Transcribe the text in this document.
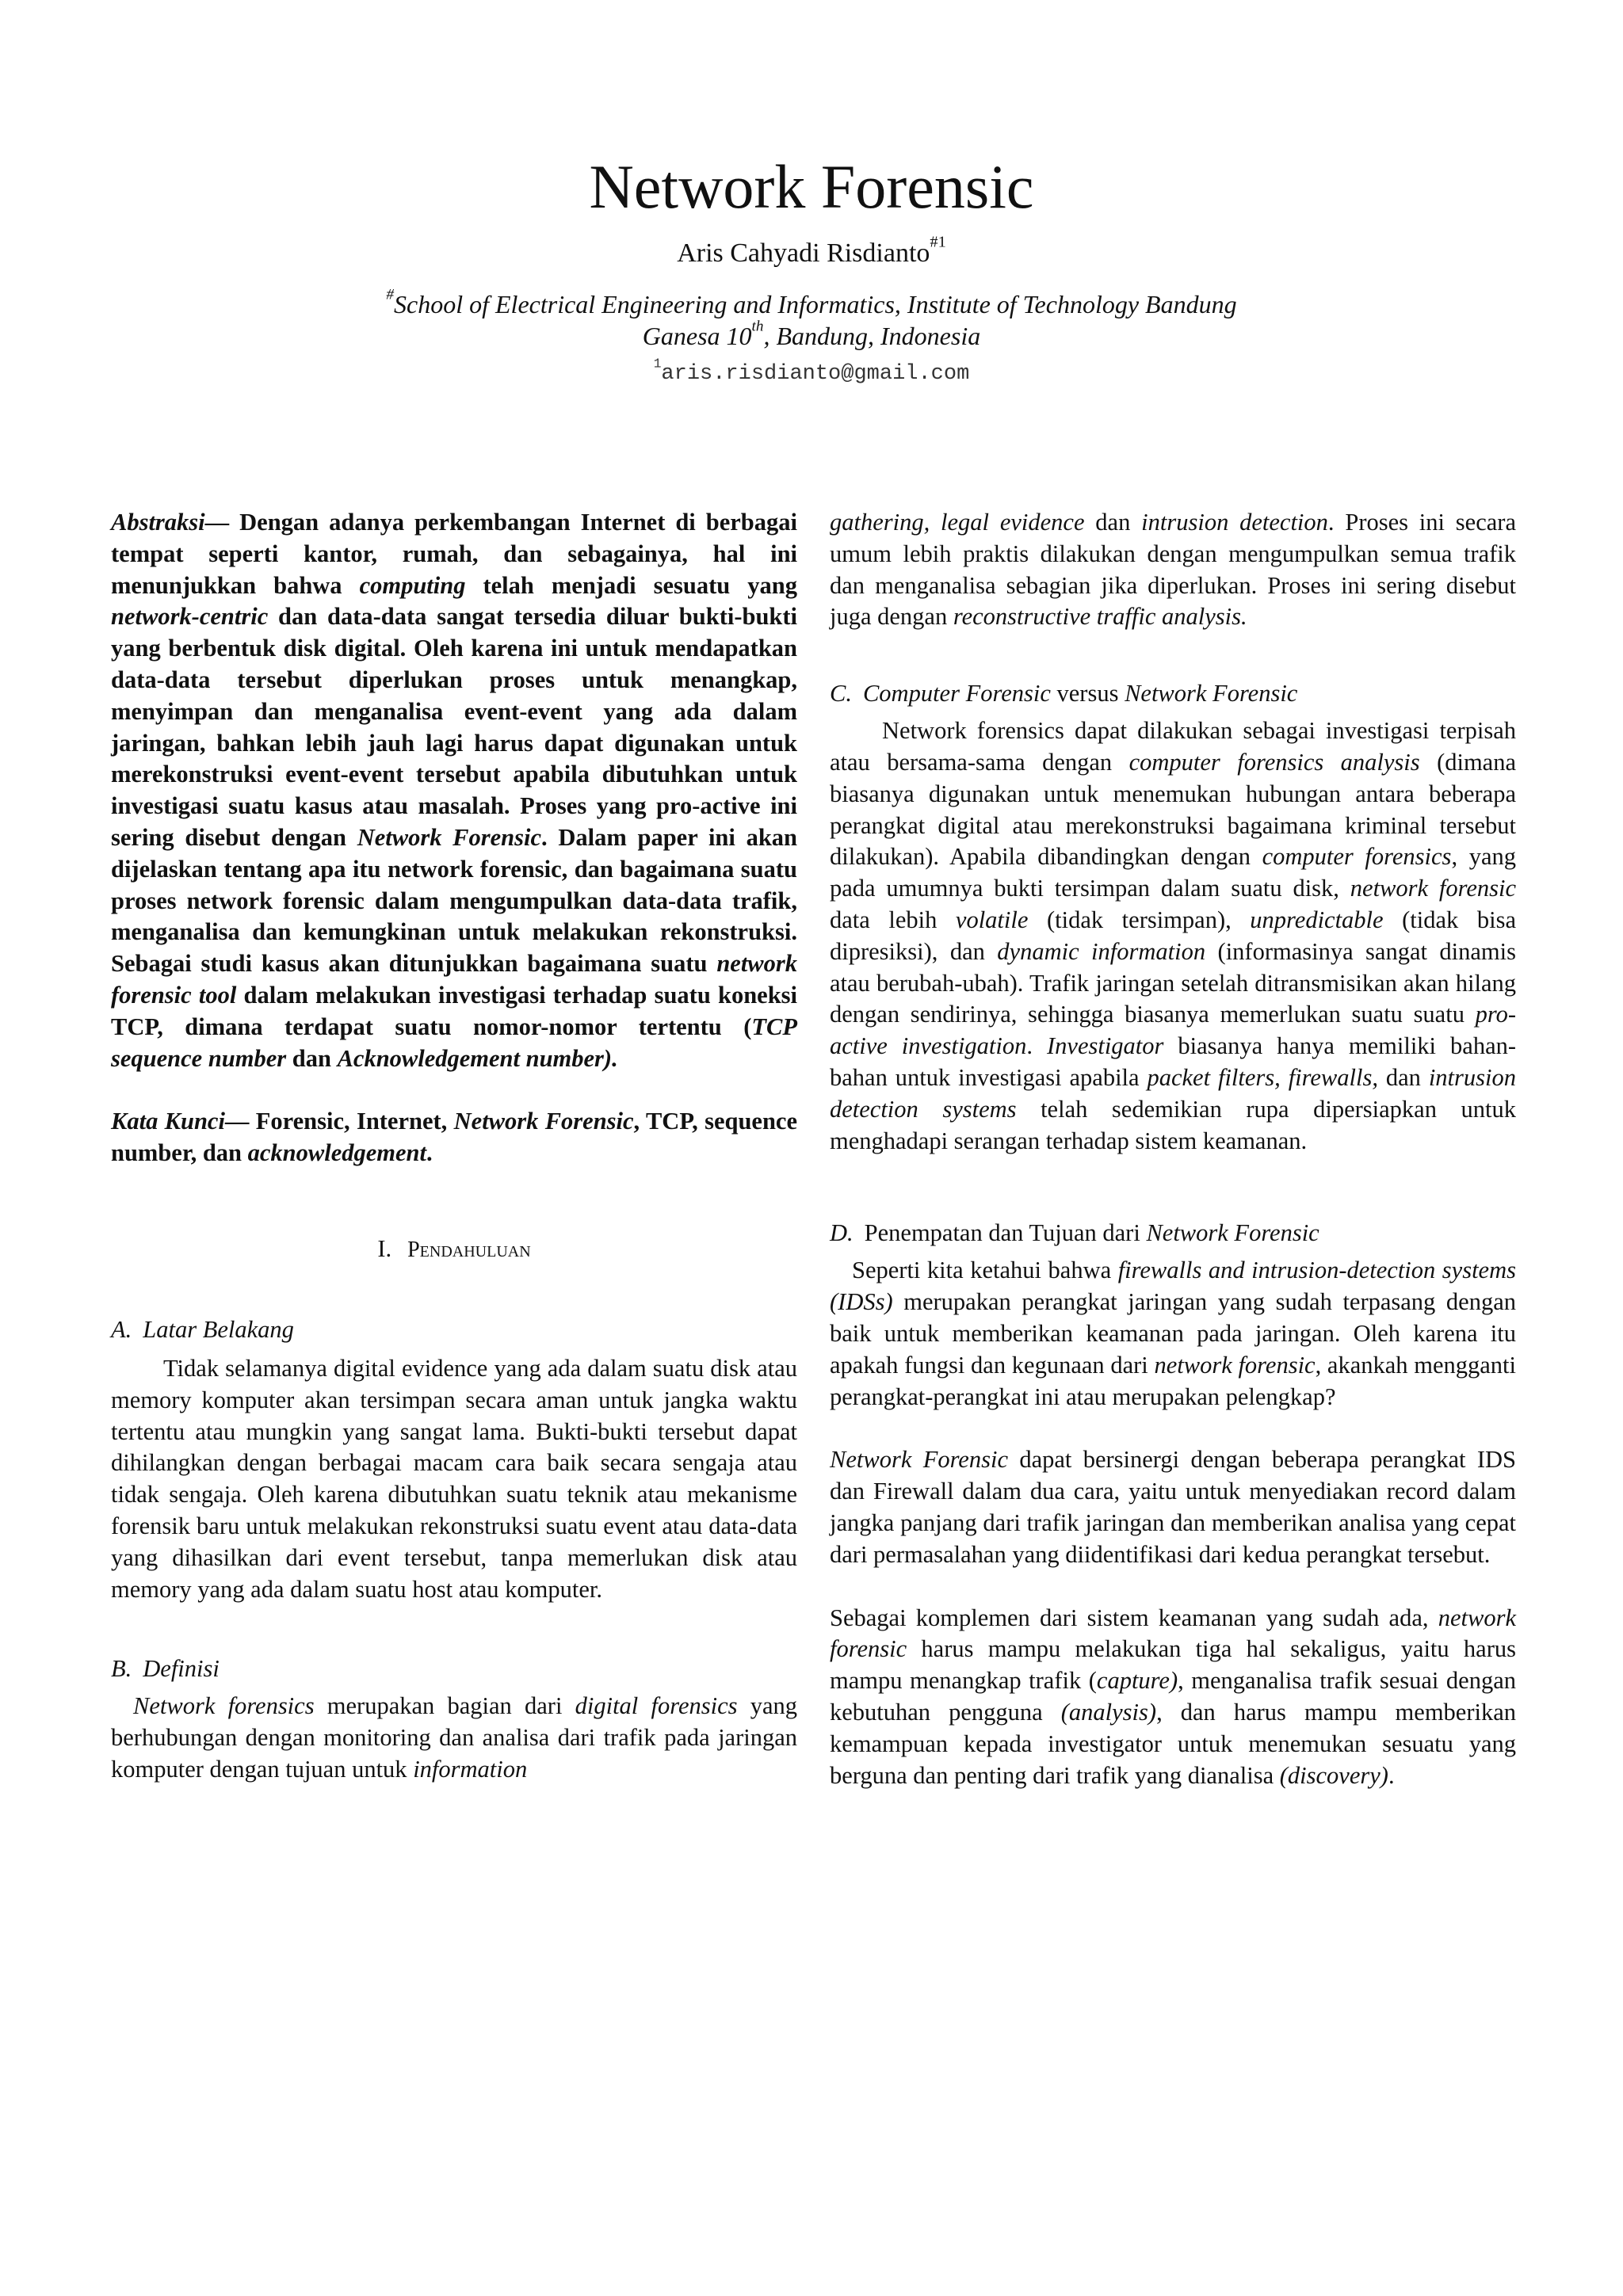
Network Forensic
Aris Cahyadi Risdianto$^{\#1}$
#School of Electrical Engineering and Informatics, Institute of Technology Bandung
Ganesa 10th, Bandung, Indonesia
$^1$aris.risdianto@gmail.com

Abstraksi— Dengan adanya perkembangan Internet di berbagai tempat seperti kantor, rumah, dan sebagainya, hal ini menunjukkan bahwa computing telah menjadi sesuatu yang network-centric dan data-data sangat tersedia diluar bukti-bukti yang berbentuk disk digital. Oleh karena ini untuk mendapatkan data-data tersebut diperlukan proses untuk menangkap, menyimpan dan menganalisa event-event yang ada dalam jaringan, bahkan lebih jauh lagi harus dapat digunakan untuk merekonstruksi event-event tersebut apabila dibutuhkan untuk investigasi suatu kasus atau masalah. Proses yang pro-active ini sering disebut dengan Network Forensic. Dalam paper ini akan dijelaskan tentang apa itu network forensic, dan bagaimana suatu proses network forensic dalam mengumpulkan data-data trafik, menganalisa dan kemungkinan untuk melakukan rekonstruksi. Sebagai studi kasus akan ditunjukkan bagaimana suatu network forensic tool dalam melakukan investigasi terhadap suatu koneksi TCP, dimana terdapat suatu nomor-nomor tertentu (TCP sequence number dan Acknowledgement number).

Kata Kunci— Forensic, Internet, Network Forensic, TCP, sequence number, dan acknowledgement.

I. Pendahuluan
A. Latar Belakang

Tidak selamanya digital evidence yang ada dalam suatu disk atau memory komputer akan tersimpan secara aman untuk jangka waktu tertentu atau mungkin yang sangat lama. Bukti-bukti tersebut dapat dihilangkan dengan berbagai macam cara baik secara sengaja atau tidak sengaja. Oleh karena dibutuhkan suatu teknik atau mekanisme forensik baru untuk melakukan rekonstruksi suatu event atau data-data yang dihasilkan dari event tersebut, tanpa memerlukan disk atau memory yang ada dalam suatu host atau komputer.

B. Definisi

Network forensics merupakan bagian dari digital forensics yang berhubungan dengan monitoring dan analisa dari trafik pada jaringan komputer dengan tujuan untuk information

gathering, legal evidence dan intrusion detection. Proses ini secara umum lebih praktis dilakukan dengan mengumpulkan semua trafik dan menganalisa sebagian jika diperlukan. Proses ini sering disebut juga dengan reconstructive traffic analysis.

C. Computer Forensic versus Network Forensic

Network forensics dapat dilakukan sebagai investigasi terpisah atau bersama-sama dengan computer forensics analysis (dimana biasanya digunakan untuk menemukan hubungan antara beberapa perangkat digital atau merekonstruksi bagaimana kriminal tersebut dilakukan). Apabila dibandingkan dengan computer forensics, yang pada umumnya bukti tersimpan dalam suatu disk, network forensic data lebih volatile (tidak tersimpan), unpredictable (tidak bisa dipresiksi), dan dynamic information (informasinya sangat dinamis atau berubah-ubah). Trafik jaringan setelah ditransmisikan akan hilang dengan sendirinya, sehingga biasanya memerlukan suatu suatu pro-active investigation. Investigator biasanya hanya memiliki bahan-bahan untuk investigasi apabila packet filters, firewalls, dan intrusion detection systems telah sedemikian rupa dipersiapkan untuk menghadapi serangan terhadap sistem keamanan.

D. Penempatan dan Tujuan dari Network Forensic

Seperti kita ketahui bahwa firewalls and intrusion-detection systems (IDSs) merupakan perangkat jaringan yang sudah terpasang dengan baik untuk memberikan keamanan pada jaringan. Oleh karena itu apakah fungsi dan kegunaan dari network forensic, akankah mengganti perangkat-perangkat ini atau merupakan pelengkap?

Network Forensic dapat bersinergi dengan beberapa perangkat IDS dan Firewall dalam dua cara, yaitu untuk menyediakan record dalam jangka panjang dari trafik jaringan dan memberikan analisa yang cepat dari permasalahan yang diidentifikasi dari kedua perangkat tersebut.

Sebagai komplemen dari sistem keamanan yang sudah ada, network forensic harus mampu melakukan tiga hal sekaligus, yaitu harus mampu menangkap trafik (capture), menganalisa trafik sesuai dengan kebutuhan pengguna (analysis), dan harus mampu memberikan kemampuan kepada investigator untuk menemukan sesuatu yang berguna dan penting dari trafik yang dianalisa (discovery).
